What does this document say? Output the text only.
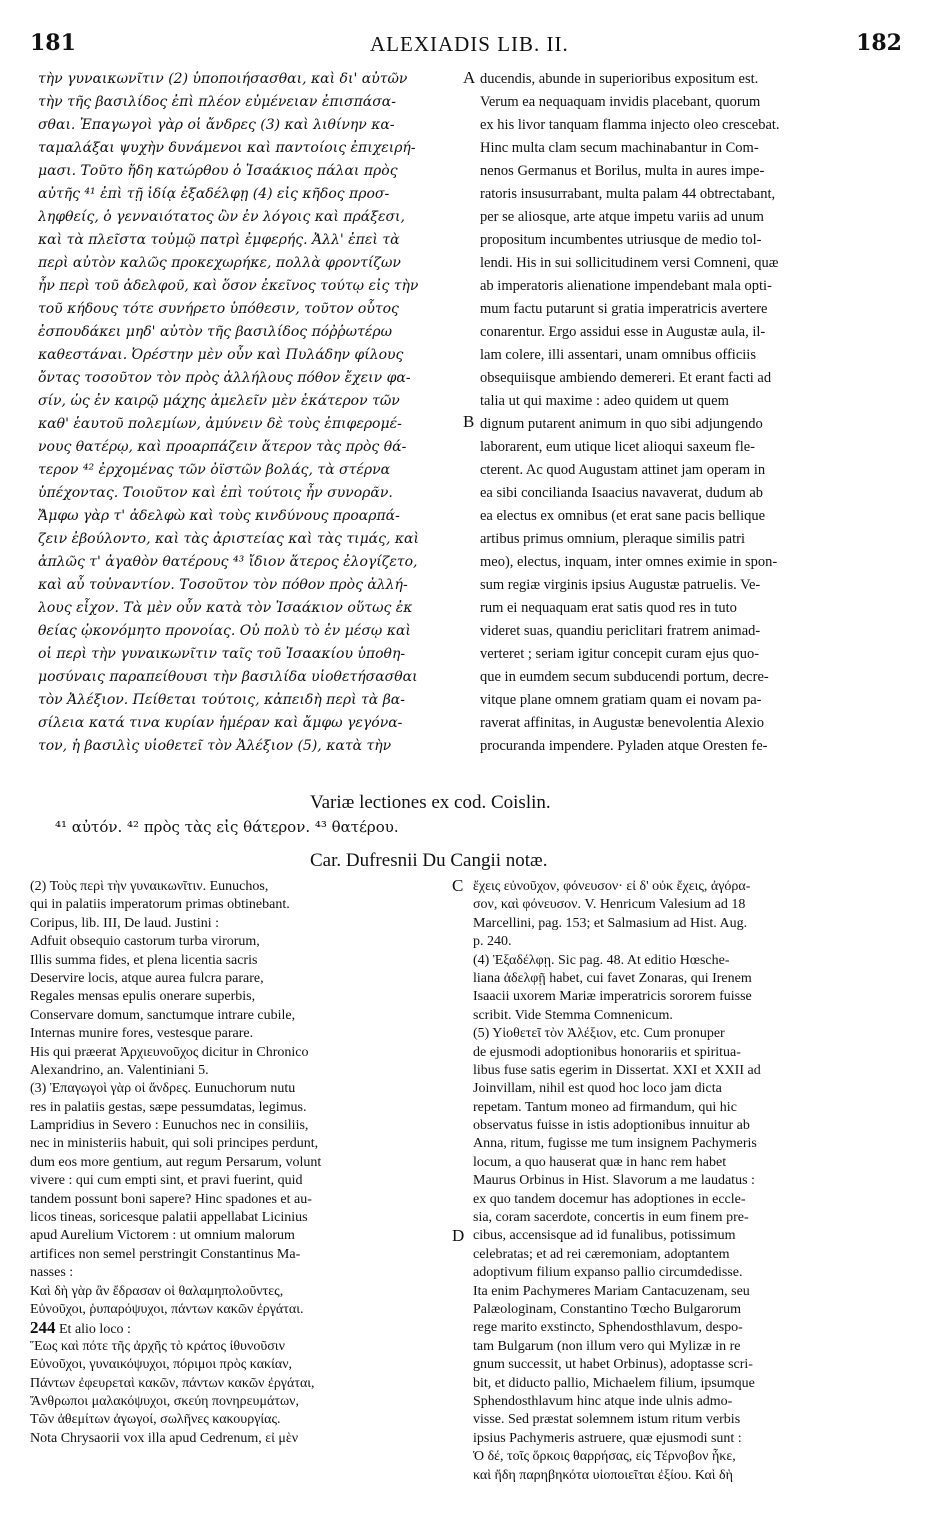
181	ALEXIADIS LIB. II.	182
τὴν γυναικωνῖτιν (2) ὑποποιήσασθαι, καὶ δι' αὐτῶν
τὴν τῆς βασιλίδος ἐπὶ πλέον εὐμένειαν ἐπισπάσα-
σθαι. Ἐπαγωγοὶ γὰρ οἱ ἄνδρες (3) καὶ λιθίνην κα-
ταμαλάξαι ψυχὴν δυνάμενοι καὶ παντοίοις ἐπιχειρή-
μασι. Τοῦτο ἤδη κατώρθου ὁ Ἰσαάκιος πάλαι πρὸς
αὐτῆς ⁴¹ ἐπὶ τῇ ἰδίᾳ ἐξαδέλφῃ (4) εἰς κῆδος προσ-
ληφθείς, ὁ γενναιότατος ὢν ἐν λόγοις καὶ πράξεσι,
καὶ τὰ πλεῖστα τοὐμῷ πατρὶ ἐμφερής. Ἀλλ' ἐπεὶ τὰ
περὶ αὐτὸν καλῶς προκεχωρήκε, πολλὰ φροντίζων
ἦν περὶ τοῦ ἀδελφοῦ, καὶ ὅσον ἐκεῖνος τούτῳ εἰς τὴν
τοῦ κήδους τότε συνήρετο ὑπόθεσιν, τοῦτον οὗτος
ἐσπουδάκει μηδ' αὐτὸν τῆς βασιλίδος πόῤῥωτέρω
καθεστάναι. Ὀρέστην μὲν οὖν καὶ Πυλάδην φίλους
ὄντας τοσοῦτον τὸν πρὸς ἀλλήλους πόθον ἔχειν φα-
σίν, ὡς ἐν καιρῷ μάχης ἀμελεῖν μὲν ἑκάτερον τῶν
καθ' ἑαυτοῦ πολεμίων, ἀμύνειν δὲ τοὺς ἐπιφερομέ-
νους θατέρῳ, καὶ προαρπάζειν ἅτερον τὰς πρὸς θά-
τερον ⁴² ἐρχομένας τῶν ὀϊστῶν βολάς, τὰ στέρνα
ὑπέχοντας. Τοιοῦτον καὶ ἐπὶ τούτοις ἦν συνορᾶν.
Ἄμφω γὰρ τ' ἀδελφὼ καὶ τοὺς κινδύνους προαρπά-
ζειν ἐβούλοντο, καὶ τὰς ἀριστείας καὶ τὰς τιμάς, καὶ
ἁπλῶς τ' ἀγαθὸν θατέρους ⁴³ ἴδιον ἅτερος ἐλογίζετο,
καὶ αὖ τοὐναντίον. Τοσοῦτον τὸν πόθον πρὸς ἀλλή-
λους εἶχον. Τὰ μὲν οὖν κατὰ τὸν Ἰσαάκιον οὕτως ἐκ
θείας ᾠκονόμητο προνοίας. Οὐ πολὺ τὸ ἐν μέσῳ καὶ
οἱ περὶ τὴν γυναικωνῖτιν ταῖς τοῦ Ἰσαακίου ὑποθη-
μοσύναις παραπείθουσι τὴν βασιλίδα υἱοθετήσασθαι
τὸν Ἀλέξιον. Πείθεται τούτοις, κἀπειδὴ περὶ τὰ βα-
σίλεια κατά τινα κυρίαν ἡμέραν καὶ ἄμφω γεγόνα-
τον, ἡ βασιλὶς υἱοθετεῖ τὸν Ἀλέξιον (5), κατὰ τὴν
ducendis, abunde in superioribus expositum est.
Verum ea nequaquam invidis placebant, quorum
ex his livor tanquam flamma injecto oleo crescebat.
Hinc multa clam secum machinabantur in Com-
nenos Germanus et Borilus, multa in aures impe-
ratoris insusurrabant, multa palam 44 obtrectabant,
per se aliosque, arte atque impetu variis ad unum
propositum incumbentes utriusque de medio tol-
lendi. His in sui sollicitudinem versi Comneni, quæ
ab imperatoris alienatione impendebant mala opti-
mum factu putarunt si gratia imperatricis avertere
conarentur. Ergo assidui esse in Augustæ aula, il-
lam colere, illi assentari, unam omnibus officiis
obsequiisque ambiendo demereri. Et erant facti ad
talia ut qui maxime : adeo quidem ut quem
dignum putarent animum in quo sibi adjungendo
laborarent, eum utique licet alioqui saxeum fle-
cterent. Ac quod Augustam attinet jam operam in
ea sibi conciliandа Isaacius navaverat, dudum ab
ea electus ex omnibus (et erat sane pacis bellique
artibus primus omnium, pleraque similis patri
meo), electus, inquam, inter omnes eximie in spon-
sum regiæ virginis ipsius Augustæ patruelis. Ve-
rum ei nequaquam erat satis quod res in tuto
videret suas, quandiu periclitari fratrem animad-
verteret ; seriam igitur concepit curam ejus quo-
que in eumdem secum subducendi portum, decre-
vitque plane omnem gratiam quam ei novam pa-
raverat affinitas, in Augustæ benevolentia Alexio
procuranda impendere. Pyladen atque Oresten fe-
A
B
Variæ lectiones ex cod. Coislin.
⁴¹ αὐτόν. ⁴² πρὸς τὰς εἰς θάτερον. ⁴³ θατέρου.
Car. Dufresnii Du Cangii notæ.
C
D
(2) Τοὺς περὶ τὴν γυναικωνῖτιν. Eunuchos,
qui in palatiis imperatorum primas obtinebant.
Coripus, lib. III, De laud. Justini :
Adfuit obsequio castorum turba virorum,
Illis summa fides, et plena licentia sacris
Deservire locis, atque aurea fulcra parare,
Regales mensas epulis onerare superbis,
Conservare domum, sanctumque intrare cubile,
Internas munire fores, vestesque parare.
His qui præerat Ἀρχιευνοῦχος dicitur in Chronico
Alexandrino, an. Valentiniani 5.
(3) Ἐπαγωγοὶ γὰρ οἱ ἄνδρες. Eunuchorum nutu
res in palatiis gestas, sæpe pessumdatas, legimus.
Lampridius in Severo : Eunuchos nec in consiliis,
nec in ministeriis habuit, qui soli principes perdunt,
dum eos more gentium, aut regum Persarum, volunt
vivere : qui cum empti sint, et pravi fuerint, quid
tandem possunt boni sapere? Hinc spadones et au-
licos tineas, soricesque palatii appellabat Licinius
apud Aurelium Victorem : ut omnium malorum
artifices non semel perstringit Constantinus Ma-
nasses :
Καὶ δὴ γὰρ ἂν ἔδρασαν οἱ θαλαμηπολοῦντες,
Εὐνοῦχοι, ῥυπαρόψυχοι, πάντων κακῶν ἐργάται.
244 Et alio loco :
Ἕως καὶ πότε τῆς ἀρχῆς τὸ κράτος ἰθυνοῦσιν
Εὐνοῦχοι, γυναικόψυχοι, πόριμοι πρὸς κακίαν,
Πάντων ἐφευρεταὶ κακῶν, πάντων κακῶν ἐργάται,
Ἄνθρωποι μαλακόψυχοι, σκεύη πονηρευμάτων,
Τῶν ἀθεμίτων ἀγωγοί, σωλῆνες κακουργίας.
Nota Chrysaorii vox illa apud Cedrenum, εἰ μὲν
ἔχεις εὐνοῦχον, φόνευσον· εἰ δ' οὐκ ἔχεις, ἀγόρα-
σον, καὶ φόνευσον. V. Henricum Valesium ad 18
Marcellini, pag. 153; et Salmasium ad Hist. Aug.
p. 240.
(4) Ἐξαδέλφῃ. Sic pag. 48. At editio Hœsche-
liana ἀδελφῇ habet, cui favet Zonaras, qui Irenem
Isaacii uxorem Mariæ imperatricis sororem fuisse
scribit. Vide Stemma Comnenicum.
(5) Υἱοθετεῖ τὸν Ἀλέξιον, etc. Cum pronuper
de ejusmodi adoptionibus honorariis et spiritua-
libus fuse satis egerim in Dissertat. XXI et XXII ad
Joinvillam, nihil est quod hoc loco jam dicta
repetam. Tantum moneo ad firmandum, qui hic
observatus fuisse in istis adoptionibus innuitur ab
Anna, ritum, fugisse me tum insignem Pachymeris
locum, a quo hauserat quæ in hanc rem habet
Maurus Orbinus in Hist. Slavorum a me laudatus :
ex quo tandem docemur has adoptiones in eccle-
sia, coram sacerdote, concertis in eum finem pre-
cibus, accensisque ad id funalibus, potissimum
celebratas; et ad rei cæremoniam, adoptantem
adoptivum filium expanso pallio circumdedisse.
Ita enim Pachymeres Mariam Cantacuzenam, seu
Palæologinam, Constantino Tœcho Bulgarorum
rege marito exstincto, Sphendosthlavum, despo-
tam Bulgarum (non illum vero qui Mylizæ in re
gnum successit, ut habet Orbinus), adoptasse scri-
bit, et diducto pallio, Michaelem filium, ipsumque
Sphendosthlavum hinc atque inde ulnis admo-
visse. Sed præstat solemnem istum ritum verbis
ipsius Pachymeris astruere, quæ ejusmodi sunt :
Ὁ δέ, τοῖς ὅρκοις θαρρήσας, εἰς Τέρνοβον ἧκε,
καὶ ἤδη παρηβηκότα υἱοποιεῖται ἐξίου. Καὶ δὴ
